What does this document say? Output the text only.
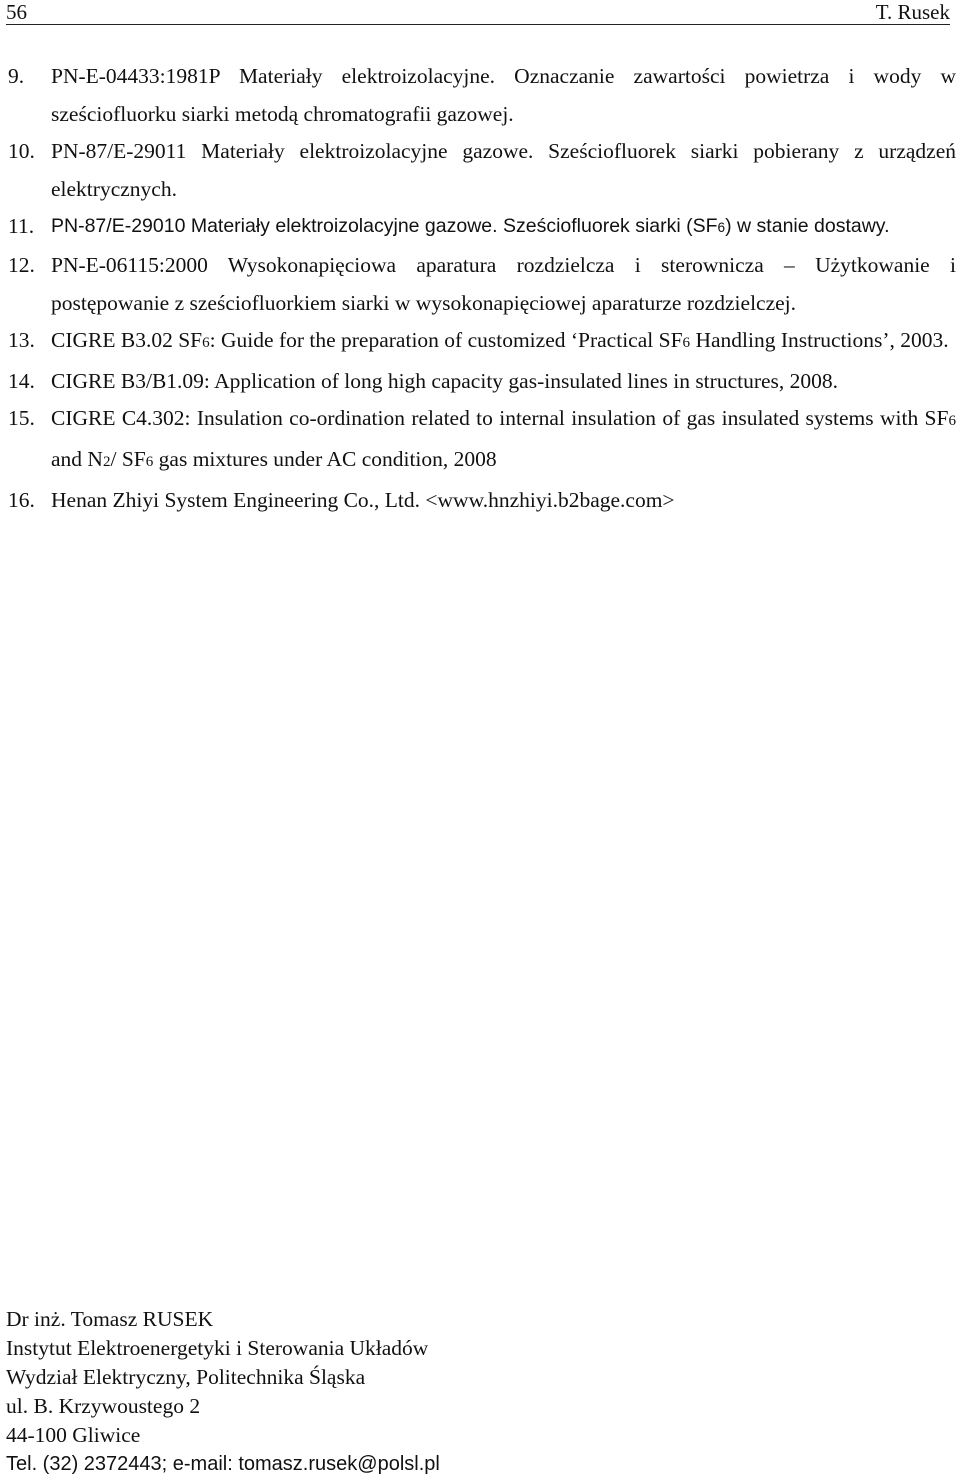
56	T. Rusek
9.	PN-E-04433:1981P Materiały elektroizolacyjne. Oznaczanie zawartości powietrza i wody w sześciofluorku siarki metodą chromatografii gazowej.
10. PN-87/E-29011 Materiały elektroizolacyjne gazowe. Sześciofluorek siarki pobierany z urządzeń elektrycznych.
11. PN-87/E-29010 Materiały elektroizolacyjne gazowe. Sześciofluorek siarki (SF6) w stanie dostawy.
12. PN-E-06115:2000 Wysokonapięciowa aparatura rozdzielcza i sterownicza – Użytkowanie i postępowanie z sześciofluorkiem siarki w wysokonapięciowej aparaturze rozdzielczej.
13. CIGRE B3.02 SF6: Guide for the preparation of customized ‘Practical SF6 Handling Instructions’, 2003.
14. CIGRE B3/B1.09: Application of long high capacity gas-insulated lines in structures, 2008.
15. CIGRE C4.302: Insulation co-ordination related to internal insulation of gas insulated systems with SF6 and N2/ SF6 gas mixtures under AC condition, 2008
16. Henan Zhiyi System Engineering Co., Ltd. <www.hnzhiyi.b2bage.com>
Dr inż. Tomasz RUSEK
Instytut Elektroenergetyki i Sterowania Układów
Wydział Elektryczny, Politechnika Śląska
ul. B. Krzywoustego 2
44-100 Gliwice
Tel. (32) 2372443; e-mail: tomasz.rusek@polsl.pl
